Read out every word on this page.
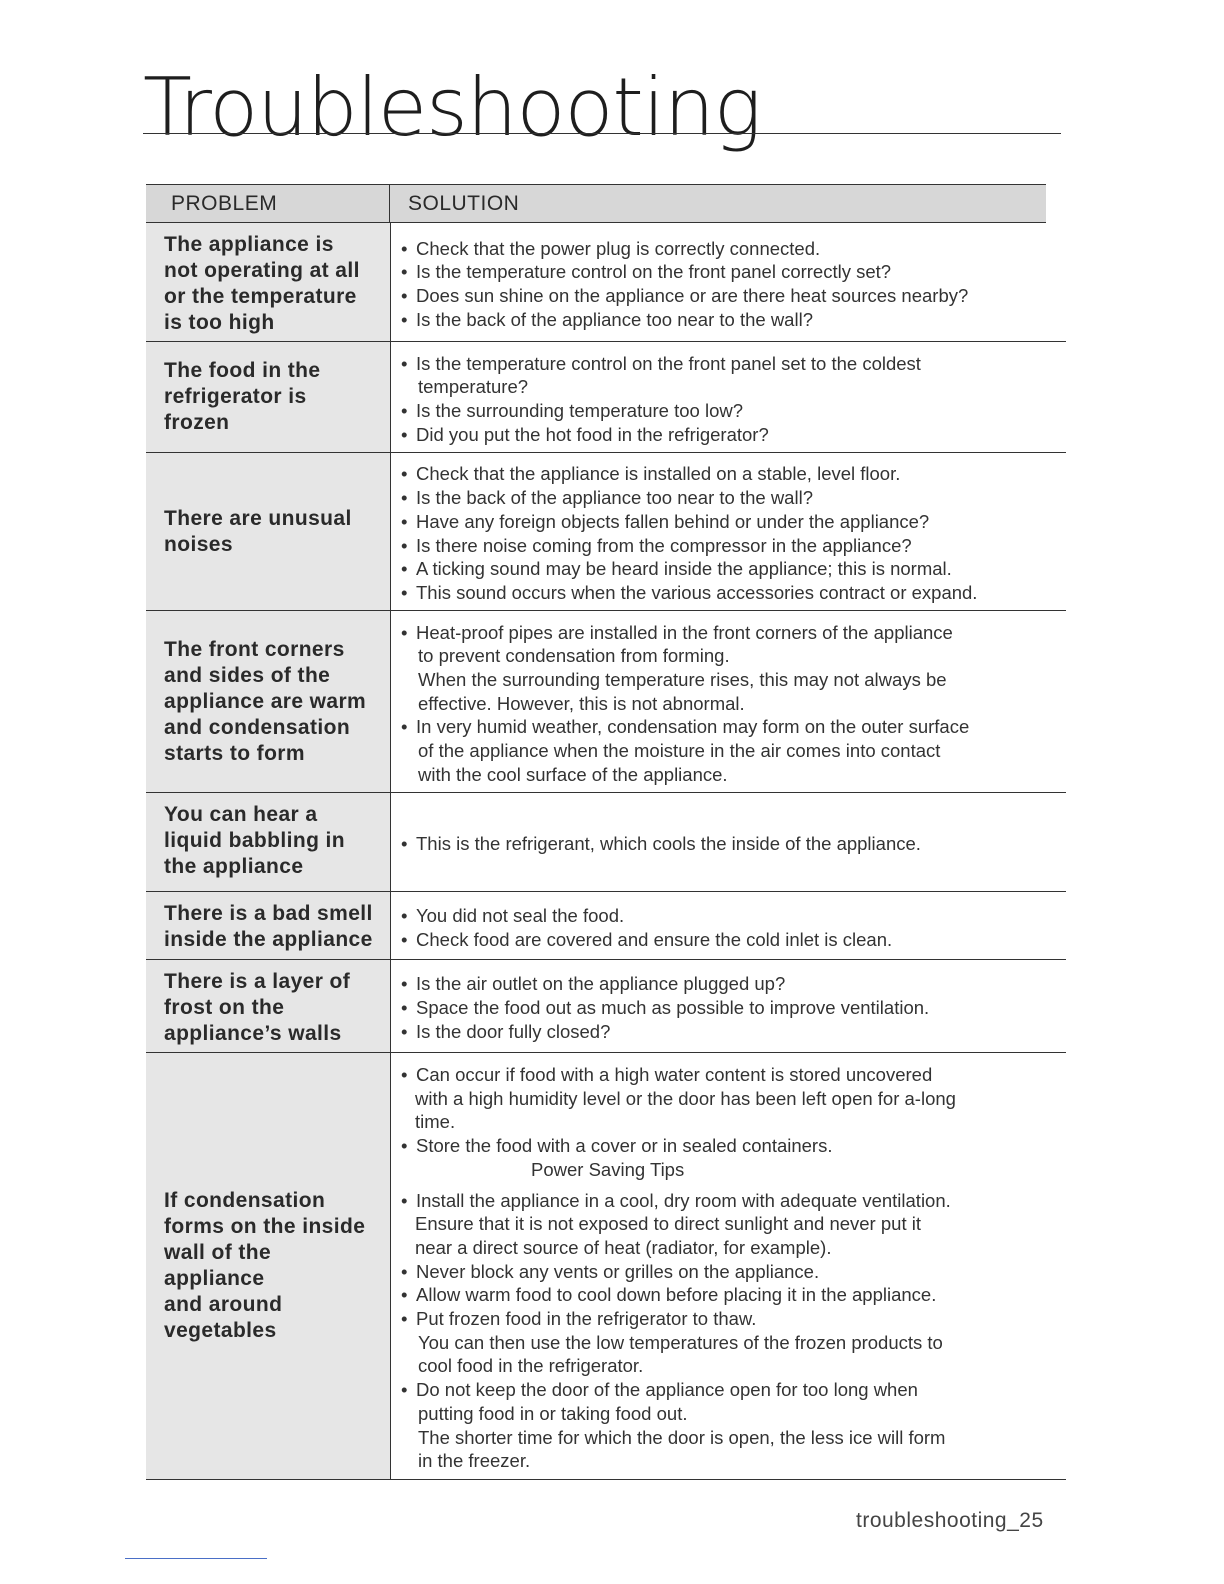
Troubleshooting
PROBLEM	SOLUTION
The appliance is
not operating at all
or the temperature
is too high
• Check that the power plug is correctly connected.
• Is the temperature control on the front panel correctly set?
• Does sun shine on the appliance or are there heat sources nearby?
• Is the back of the appliance too near to the wall?
The food in the
refrigerator is
frozen
• Is the temperature control on the front panel set to the coldest
temperature?
• Is the surrounding temperature too low?
• Did you put the hot food in the refrigerator?
There are unusual
noises
• Check that the appliance is installed on a stable, level floor.
• Is the back of the appliance too near to the wall?
• Have any foreign objects fallen behind or under the appliance?
• Is there noise coming from the compressor in the appliance?
• A ticking sound may be heard inside the appliance; this is normal.
• This sound occurs when the various accessories contract or expand.
The front corners
and sides of the
appliance are warm
and condensation
starts to form
• Heat-proof pipes are installed in the front corners of the appliance
to prevent condensation from forming.
When the surrounding temperature rises, this may not always be
effective. However, this is not abnormal.
• In very humid weather, condensation may form on the outer surface
of the appliance when the moisture in the air comes into contact
with the cool surface of the appliance.
You can hear a
liquid babbling in
the appliance
• This is the refrigerant, which cools the inside of the appliance.
There is a bad smell
inside the appliance
• You did not seal the food.
• Check food are covered and ensure the cold inlet is clean.
There is a layer of
frost on the
appliance’s walls
• Is the air outlet on the appliance plugged up?
• Space the food out as much as possible to improve ventilation.
• Is the door fully closed?
If condensation
forms on the inside
wall of the
appliance
and around
vegetables
• Can occur if food with a high water content is stored uncovered
with a high humidity level or the door has been left open for a-long
time.
• Store the food with a cover or in sealed containers.
Power Saving Tips
• Install the appliance in a cool, dry room with adequate ventilation.
Ensure that it is not exposed to direct sunlight and never put it
near a direct source of heat (radiator, for example).
• Never block any vents or grilles on the appliance.
• Allow warm food to cool down before placing it in the appliance.
• Put frozen food in the refrigerator to thaw.
You can then use the low temperatures of the frozen products to
cool food in the refrigerator.
• Do not keep the door of the appliance open for too long when
putting food in or taking food out.
The shorter time for which the door is open, the less ice will form
in the freezer.
troubleshooting_25
